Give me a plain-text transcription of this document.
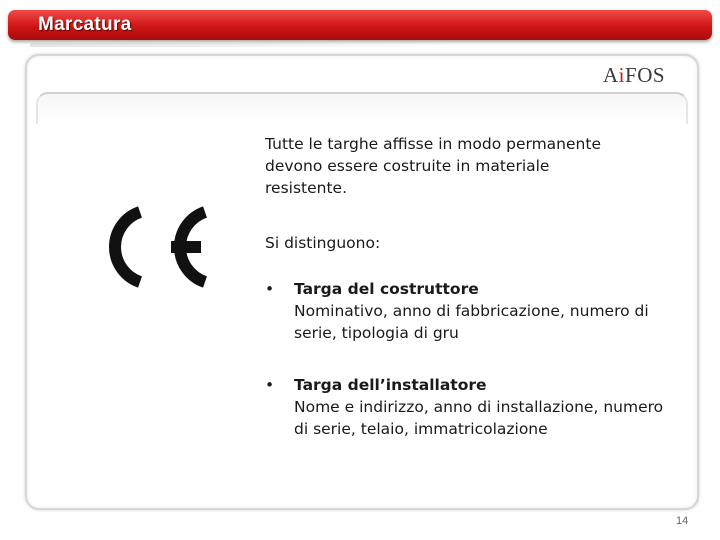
Marcatura
AiFOS

Tutte le targhe affisse in modo permanente devono essere costruite in materiale resistente.

Si distinguono:

• Targa del costruttore
Nominativo, anno di fabbricazione, numero di serie, tipologia di gru
• Targa dell’installatore
Nome e indirizzo, anno di installazione, numero di serie, telaio, immatricolazione
14
